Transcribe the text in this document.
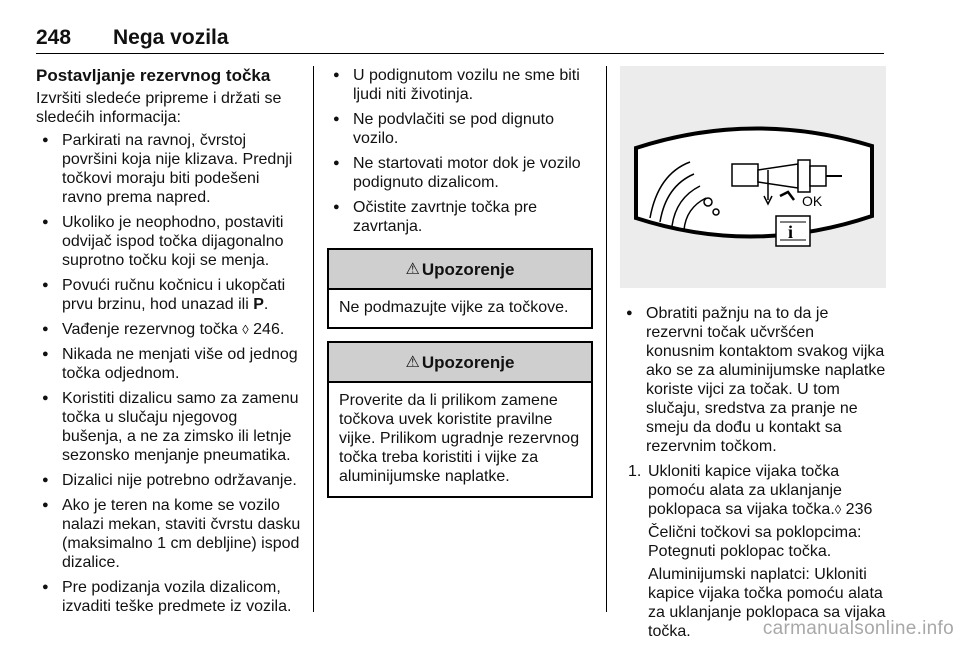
248 Nega vozila
Postavljanje rezervnog točka
Izvršiti sledeće pripreme i držati se sledećih informacija:
● Parkirati na ravnoj, čvrstoj površini koja nije klizava. Prednji točkovi moraju biti podešeni ravno prema napred.
● Ukoliko je neophodno, postaviti odvijač ispod točka dijagonalno suprotno točku koji se menja.
● Povući ručnu kočnicu i ukopčati prvu brzinu, hod unazad ili P.
● Vađenje rezervnog točka ◊ 246.
● Nikada ne menjati više od jednog točka odjednom.
● Koristiti dizalicu samo za zamenu točka u slučaju njegovog bušenja, a ne za zimsko ili letnje sezonsko menjanje pneumatika.
● Dizalici nije potrebno održavanje.
● Ako je teren na kome se vozilo nalazi mekan, staviti čvrstu dasku (maksimalno 1 cm debljine) ispod dizalice.
● Pre podizanja vozila dizalicom, izvaditi teške predmete iz vozila.
● U podignutom vozilu ne sme biti ljudi niti životinja.
● Ne podvlačiti se pod dignuto vozilo.
● Ne startovati motor dok je vozilo podignuto dizalicom.
● Očistite zavrtnje točka pre zavrtanja.
⚠ Upozorenje
Ne podmazujte vijke za točkove.
⚠ Upozorenje
Proverite da li prilikom zamene točkova uvek koristite pravilne vijke. Prilikom ugradnje rezervnog točka treba koristiti i vijke za aluminijumske naplatke.
OK
i
● Obratiti pažnju na to da je rezervni točak učvršćen konusnim kontaktom svakog vijka ako se za aluminijumske naplatke koriste vijci za točak. U tom slučaju, sredstva za pranje ne smeju da dođu u kontakt sa rezervnim točkom.
1. Ukloniti kapice vijaka točka pomoću alata za uklanjanje poklopaca sa vijaka točka.◊ 236
Čelični točkovi sa poklopcima: Potegnuti poklopac točka.
Aluminijumski naplatci: Ukloniti kapice vijaka točka pomoću alata za uklanjanje poklopaca sa vijaka točka.	carmanualsonline.info
